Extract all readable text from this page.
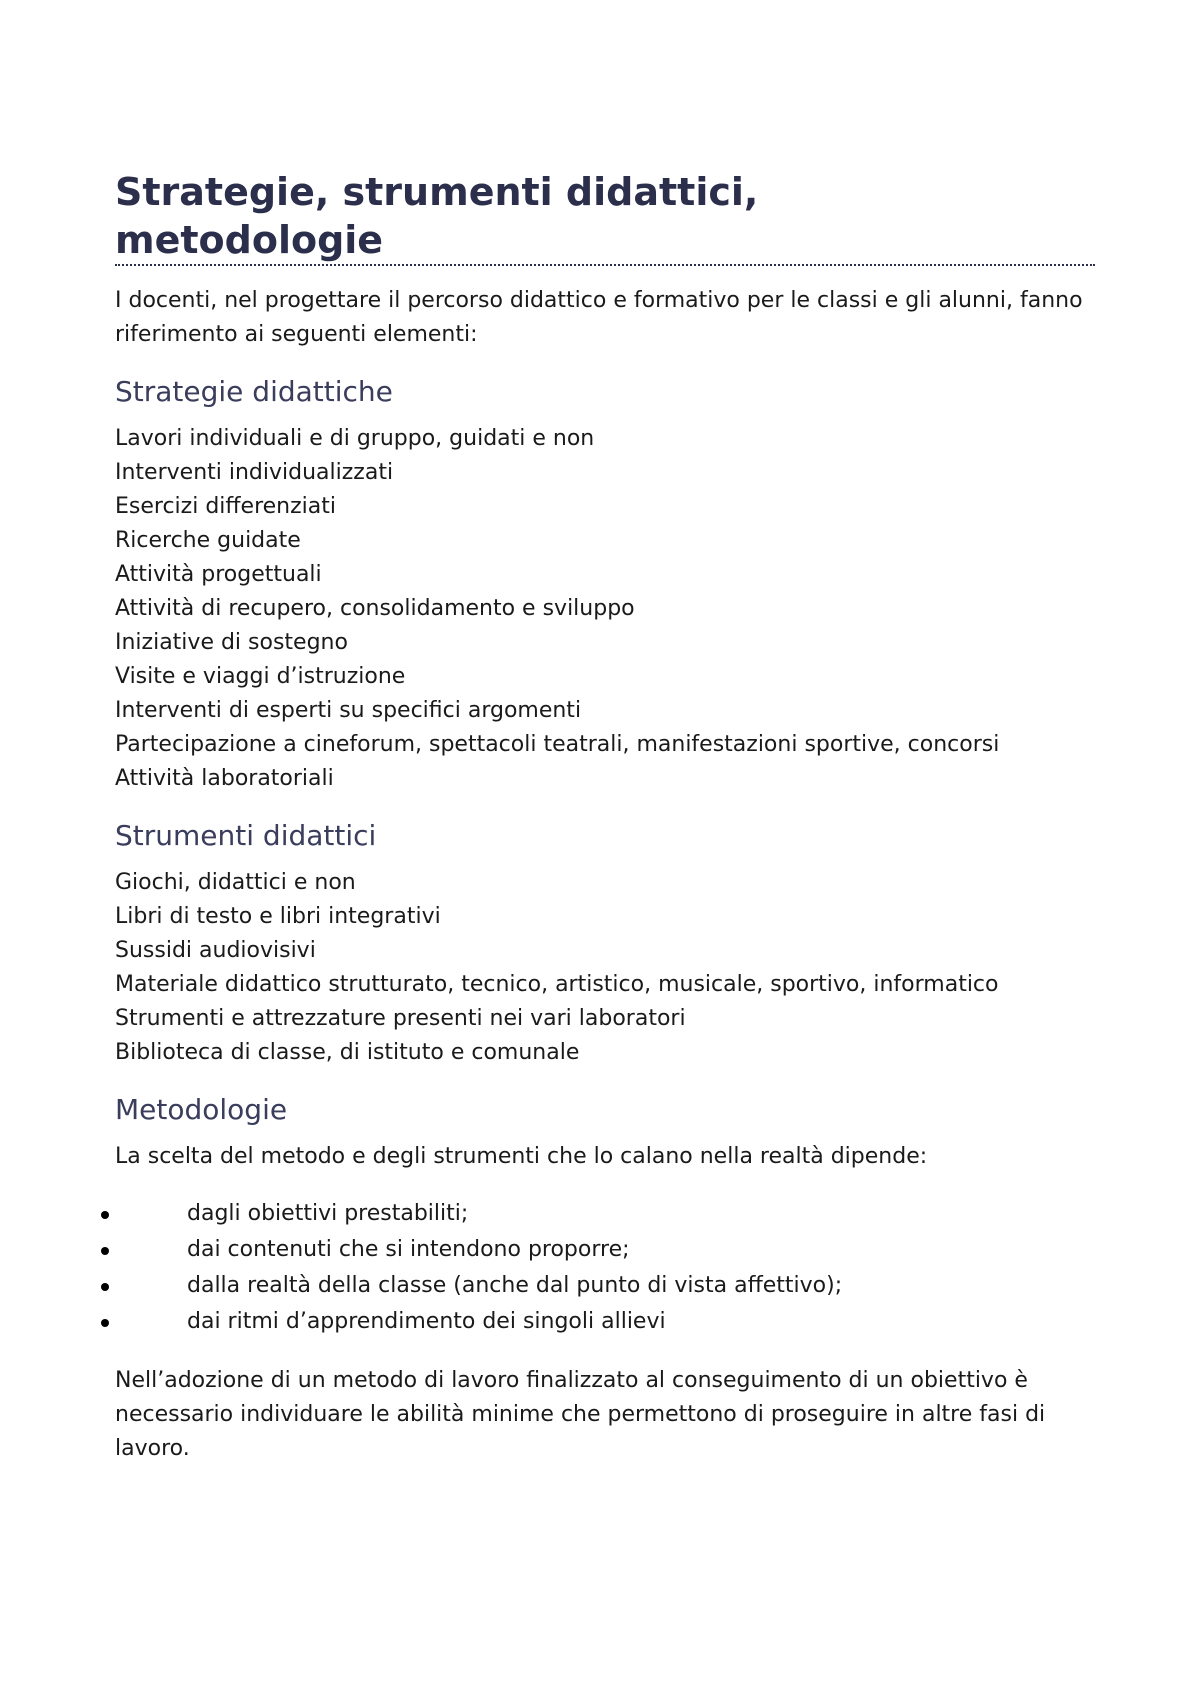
Strategie, strumenti didattici,
metodologie

I docenti, nel progettare il percorso didattico e formativo per le classi e gli alunni, fanno riferimento ai seguenti elementi:

Strategie didattiche
Lavori individuali e di gruppo, guidati e non
Interventi individualizzati
Esercizi differenziati
Ricerche guidate
Attività progettuali
Attività di recupero, consolidamento e sviluppo
Iniziative di sostegno
Visite e viaggi d’istruzione
Interventi di esperti su specifici argomenti
Partecipazione a cineforum, spettacoli teatrali, manifestazioni sportive, concorsi
Attività laboratoriali
Strumenti didattici
Giochi, didattici e non
Libri di testo e libri integrativi
Sussidi audiovisivi
Materiale didattico strutturato, tecnico, artistico, musicale, sportivo, informatico
Strumenti e attrezzature presenti nei vari laboratori
Biblioteca di classe, di istituto e comunale
Metodologie

La scelta del metodo e degli strumenti che lo calano nella realtà dipende:

dagli obiettivi prestabiliti;
dai contenuti che si intendono proporre;
dalla realtà della classe (anche dal punto di vista affettivo);
dai ritmi d’apprendimento dei singoli allievi

Nell’adozione di un metodo di lavoro finalizzato al conseguimento di un obiettivo è necessario individuare le abilità minime che permettono di proseguire in altre fasi di lavoro.
